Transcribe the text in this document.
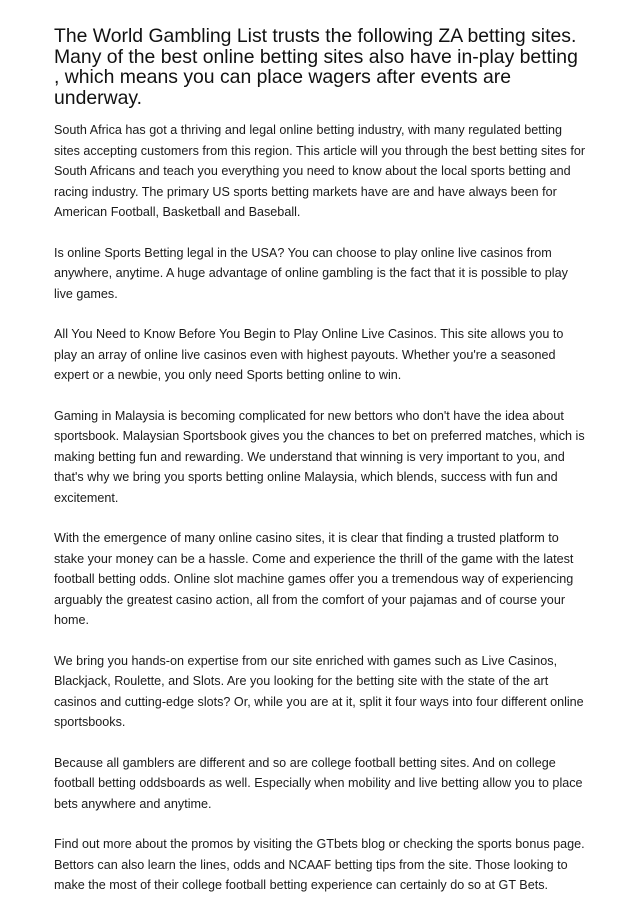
The World Gambling List trusts the following ZA betting sites. Many of the best online betting sites also have in-play betting , which means you can place wagers after events are underway.

South Africa has got a thriving and legal online betting industry, with many regulated betting sites accepting customers from this region. This article will you through the best betting sites for South Africans and teach you everything you need to know about the local sports betting and racing industry. The primary US sports betting markets have are and have always been for American Football, Basketball and Baseball.

Is online Sports Betting legal in the USA? You can choose to play online live casinos from anywhere, anytime. A huge advantage of online gambling is the fact that it is possible to play live games.

All You Need to Know Before You Begin to Play Online Live Casinos. This site allows you to play an array of online live casinos even with highest payouts. Whether you're a seasoned expert or a newbie, you only need Sports betting online to win.

Gaming in Malaysia is becoming complicated for new bettors who don't have the idea about sportsbook. Malaysian Sportsbook gives you the chances to bet on preferred matches, which is making betting fun and rewarding. We understand that winning is very important to you, and that's why we bring you sports betting online Malaysia, which blends, success with fun and excitement.

With the emergence of many online casino sites, it is clear that finding a trusted platform to stake your money can be a hassle. Come and experience the thrill of the game with the latest football betting odds. Online slot machine games offer you a tremendous way of experiencing arguably the greatest casino action, all from the comfort of your pajamas and of course your home.

We bring you hands-on expertise from our site enriched with games such as Live Casinos, Blackjack, Roulette, and Slots. Are you looking for the betting site with the state of the art casinos and cutting-edge slots? Or, while you are at it, split it four ways into four different online sportsbooks.

Because all gamblers are different and so are college football betting sites. And on college football betting oddsboards as well. Especially when mobility and live betting allow you to place bets anywhere and anytime.

Find out more about the promos by visiting the GTbets blog or checking the sports bonus page. Bettors can also learn the lines, odds and NCAAF betting tips from the site. Those looking to make the most of their college football betting experience can certainly do so at GT Bets.
